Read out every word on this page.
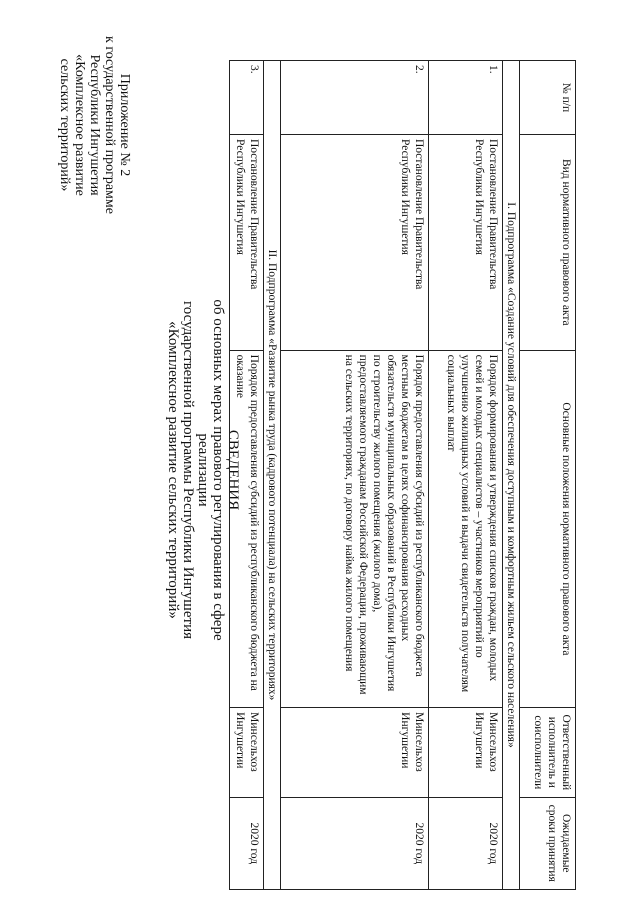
Приложение № 2
к государственной программе
Республики Ингушетия
«Комплексное развитие
сельских территорий»
СВЕДЕНИЯ
об основных мерах правового регулирования в сфере реализации
государственной программы Республики Ингушетия
«Комплексное развитие сельских территорий»
№ п/п	Вид нормативного правового акта	Основные положения нормативного правового акта	Ответственный исполнитель и соисполнители	Ожидаемые сроки принятия
I. Подпрограмма «Создание условий для обеспечения доступным и комфортным жильем сельского населения»				
1.	Постановление Правительства Республики Ингушетия	Порядок формирования и утверждения списков граждан, молодых семей и молодых специалистов – участников мероприятий по улучшению жилищных условий и выдачи свидетельств получателям социальных выплат	Минсельхоз Ингушетии	2020 год
2.	Постановление Правительства Республики Ингушетия	Порядок предоставления субсидий из республиканского бюджета местным бюджетам в целях софинансирования расходных обязательств муниципальных образований в Республики Ингушетия по строительству жилого помещения (жилого дома), предоставляемого гражданам Российской Федерации, проживающим на сельских территориях, по договору найма жилого помещения	Минсельхоз Ингушетии	2020 год
II. Подпрограмма «Развитие рынка труда (кадрового потенциала) на сельских территориях»				
3.	Постановление Правительства Республики Ингушетия	Порядок предоставления субсидий из республиканского бюджета на оказание	Минсельхоз Ингушетии	2020 год
